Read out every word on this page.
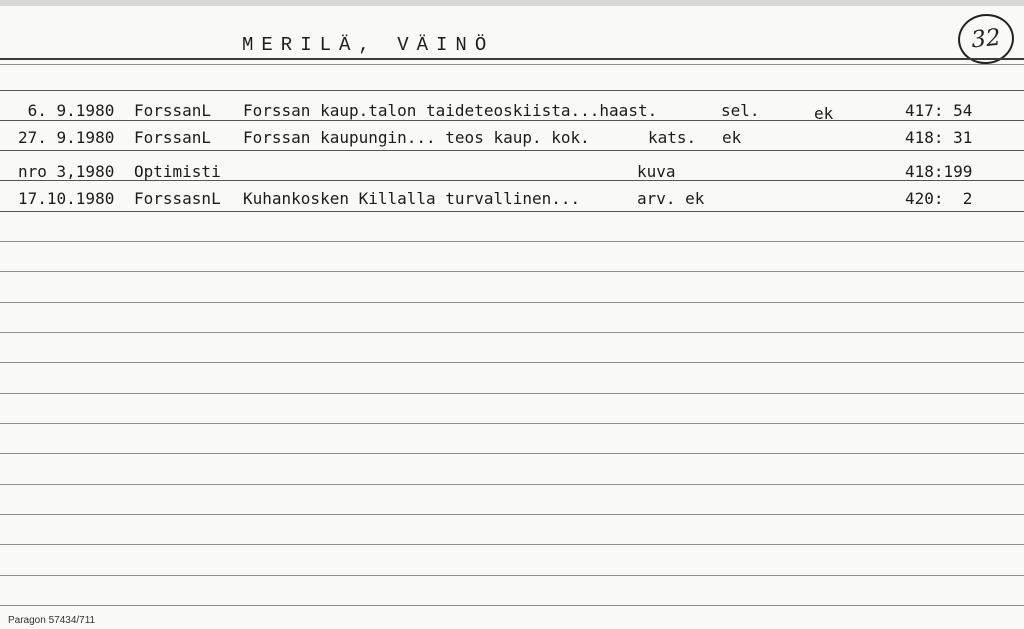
MERILÄ, VÄINÖ	32
6. 9.1980 ForssanL Forssan kaup.talon taideteoskiista...haast.	sel.	ek	417: 54
27. 9.1980 ForssanL Forssan kaupungin... teos kaup. kok.	kats. ek	418: 31
nro 3,1980 Optimisti	kuva	418:199
17.10.1980 ForssasnL Kuhankosken Killalla turvallinen...	arv. ek	420:  2
Paragon 57434/711
